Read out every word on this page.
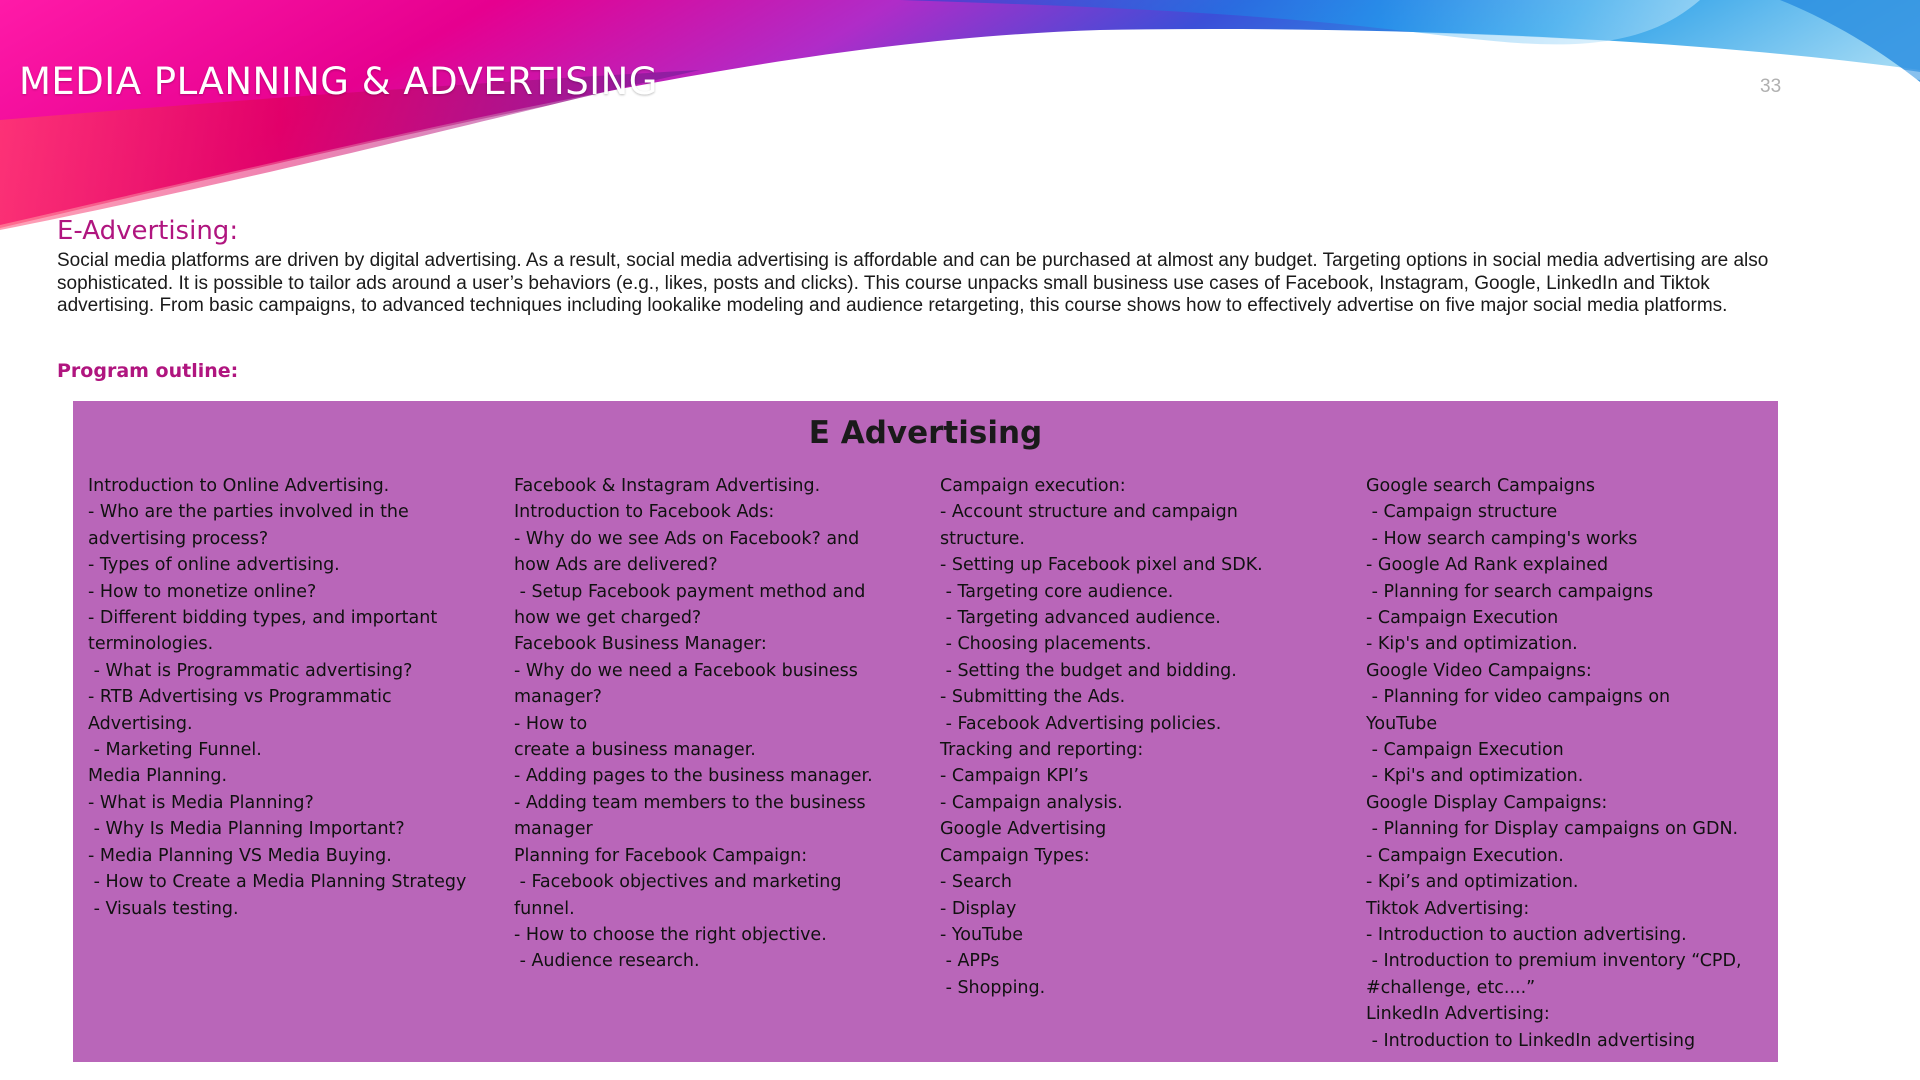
MEDIA PLANNING & ADVERTISING	33
E-Advertising:
Social media platforms are driven by digital advertising. As a result, social media advertising is affordable and can be purchased at almost any budget. Targeting options in social media advertising are also sophisticated. It is possible to tailor ads around a user’s behaviors (e.g., likes, posts and clicks). This course unpacks small business use cases of Facebook, Instagram, Google, LinkedIn and Tiktok advertising. From basic campaigns, to advanced techniques including lookalike modeling and audience retargeting, this course shows how to effectively advertise on five major social media platforms.
Program outline:
E Advertising
Introduction to Online Advertising.
- Who are the parties involved in the
advertising process?
- Types of online advertising.
- How to monetize online?
- Different bidding types, and important
terminologies.
- What is Programmatic advertising?
- RTB Advertising vs Programmatic
Advertising.
- Marketing Funnel.
Media Planning.
- What is Media Planning?
- Why Is Media Planning Important?
- Media Planning VS Media Buying.
- How to Create a Media Planning Strategy
- Visuals testing.
Facebook & Instagram Advertising.
Introduction to Facebook Ads:
- Why do we see Ads on Facebook? and
how Ads are delivered?
- Setup Facebook payment method and
how we get charged?
Facebook Business Manager:
- Why do we need a Facebook business
manager?
- How to
create a business manager.
- Adding pages to the business manager.
- Adding team members to the business
manager
Planning for Facebook Campaign:
- Facebook objectives and marketing
funnel.
- How to choose the right objective.
- Audience research.
Campaign execution:
- Account structure and campaign
structure.
- Setting up Facebook pixel and SDK.
- Targeting core audience.
- Targeting advanced audience.
- Choosing placements.
- Setting the budget and bidding.
- Submitting the Ads.
- Facebook Advertising policies.
Tracking and reporting:
- Campaign KPI’s
- Campaign analysis.
Google Advertising
Campaign Types:
- Search
- Display
- YouTube
- APPs
- Shopping.
Google search Campaigns
- Campaign structure
- How search camping's works
- Google Ad Rank explained
- Planning for search campaigns
- Campaign Execution
- Kip's and optimization.
Google Video Campaigns:
- Planning for video campaigns on
YouTube
- Campaign Execution
- Kpi's and optimization.
Google Display Campaigns:
- Planning for Display campaigns on GDN.
- Campaign Execution.
- Kpi’s and optimization.
Tiktok Advertising:
- Introduction to auction advertising.
- Introduction to premium inventory “CPD,
#challenge, etc....”
LinkedIn Advertising:
- Introduction to LinkedIn advertising
